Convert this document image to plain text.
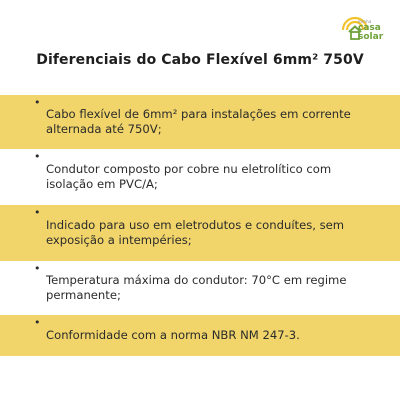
minha
casa
solar
Diferenciais do Cabo Flexível 6mm² 750V
•
Cabo flexível de 6mm² para instalações em corrente alternada até 750V;
•
Condutor composto por cobre nu eletrolítico com isolação em PVC/A;
•
Indicado para uso em eletrodutos e conduítes, sem exposição a intempéries;
•
Temperatura máxima do condutor: 70°C em regime permanente;
•
Conformidade com a norma NBR NM 247-3.
